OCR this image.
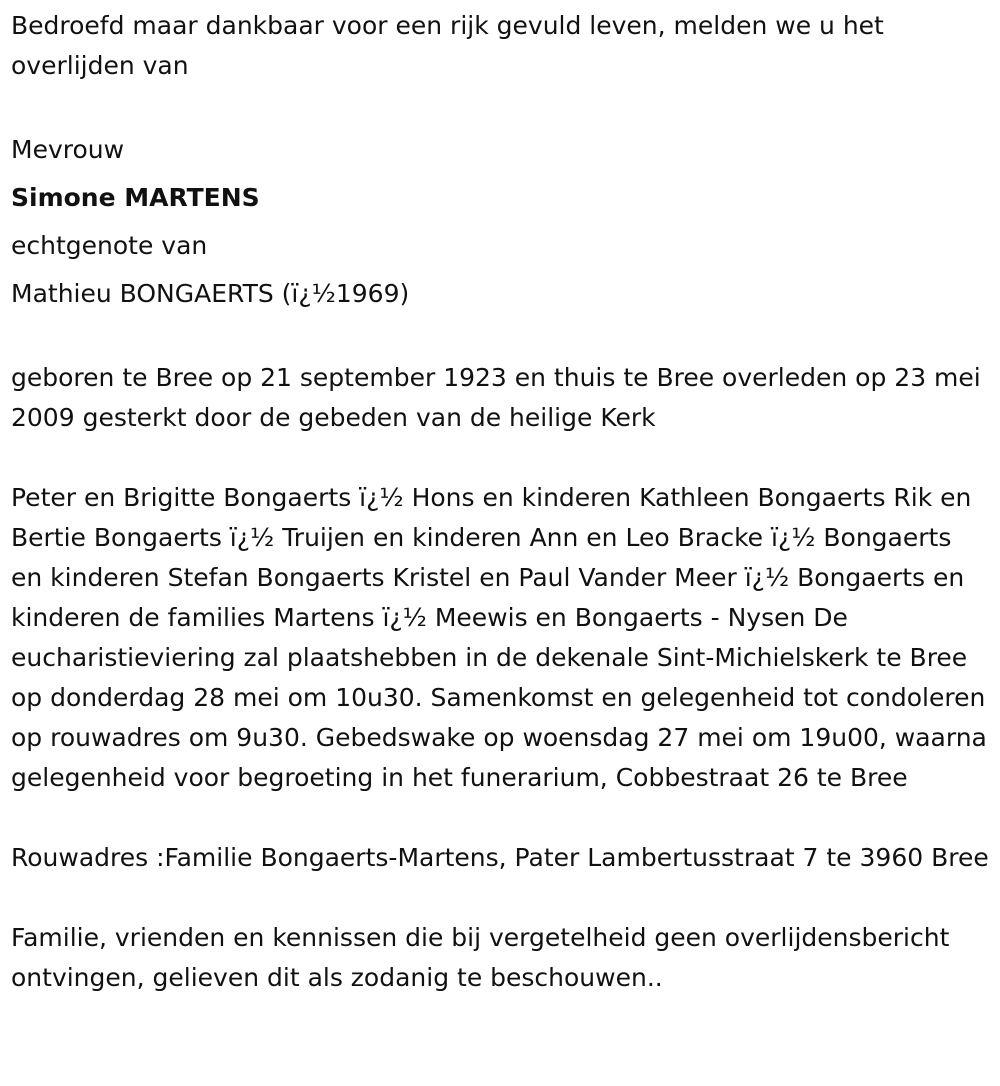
Bedroefd maar dankbaar voor een rijk gevuld leven, melden we u het overlijden van

Mevrouw

Simone MARTENS

echtgenote van

Mathieu BONGAERTS (ï¿½1969)

geboren te Bree op 21 september 1923 en thuis te Bree overleden op 23 mei 2009 gesterkt door de gebeden van de heilige Kerk

Peter en Brigitte Bongaerts ï¿½ Hons en kinderen Kathleen Bongaerts Rik en Bertie Bongaerts ï¿½ Truijen en kinderen Ann en Leo Bracke ï¿½ Bongaerts en kinderen Stefan Bongaerts Kristel en Paul Vander Meer ï¿½ Bongaerts en kinderen de families Martens ï¿½ Meewis en Bongaerts - Nysen De eucharistieviering zal plaatshebben in de dekenale Sint-Michielskerk te Bree op donderdag 28 mei om 10u30. Samenkomst en gelegenheid tot condoleren op rouwadres om 9u30. Gebedswake op woensdag 27 mei om 19u00, waarna gelegenheid voor begroeting in het funerarium, Cobbestraat 26 te Bree

Rouwadres :Familie Bongaerts-Martens, Pater Lambertusstraat 7 te 3960 Bree

Familie, vrienden en kennissen die bij vergetelheid geen overlijdensbericht ontvingen, gelieven dit als zodanig te beschouwen..
